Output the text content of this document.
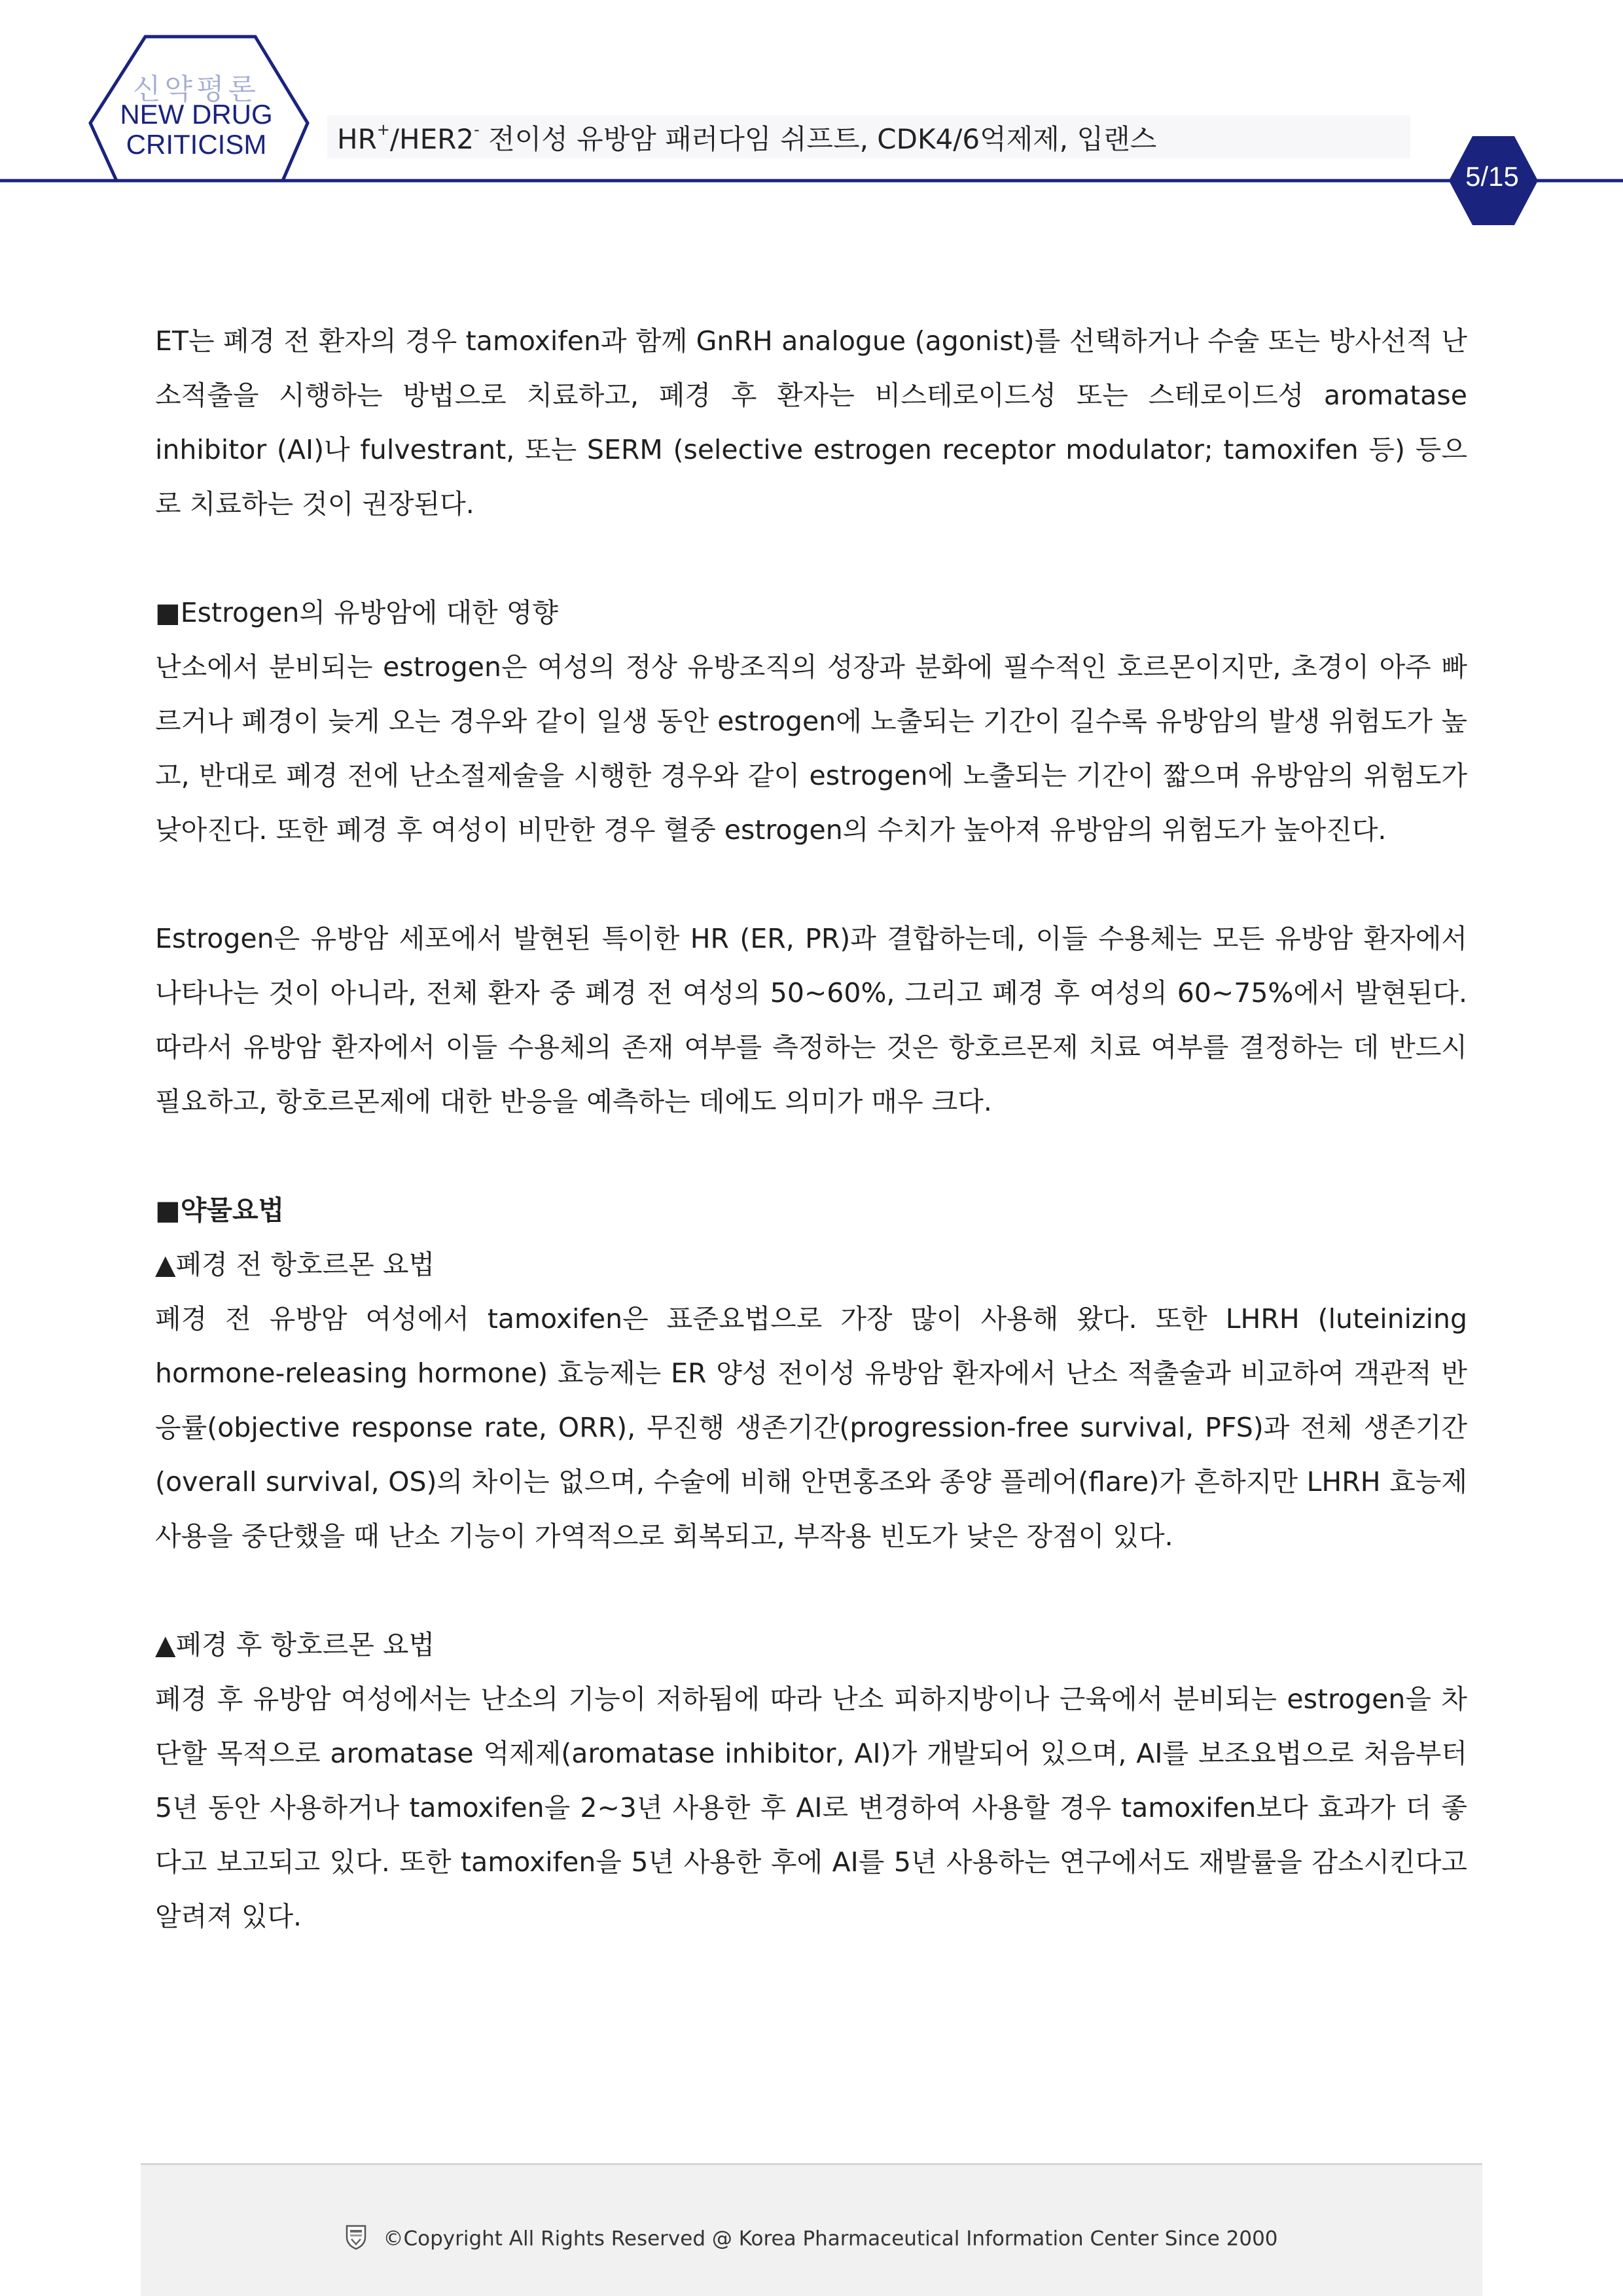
신약평론
NEW DRUG
CRITICISM	HR+/HER2- 전이성 유방암 패러다임 쉬프트, CDK4/6억제제, 입랜스
5/15

ET는 폐경 전 환자의 경우 tamoxifen과 함께 GnRH analogue (agonist)를 선택하거나 수술 또는 방사선적 난소적출을 시행하는 방법으로 치료하고, 폐경 후 환자는 비스테로이드성 또는 스테로이드성 aromatase inhibitor (AI)나 fulvestrant, 또는 SERM (selective estrogen receptor modulator; tamoxifen 등) 등으로 치료하는 것이 권장된다.

■Estrogen의 유방암에 대한 영향

난소에서 분비되는 estrogen은 여성의 정상 유방조직의 성장과 분화에 필수적인 호르몬이지만, 초경이 아주 빠르거나 폐경이 늦게 오는 경우와 같이 일생 동안 estrogen에 노출되는 기간이 길수록 유방암의 발생 위험도가 높고, 반대로 폐경 전에 난소절제술을 시행한 경우와 같이 estrogen에 노출되는 기간이 짧으며 유방암의 위험도가 낮아진다. 또한 폐경 후 여성이 비만한 경우 혈중 estrogen의 수치가 높아져 유방암의 위험도가 높아진다.

Estrogen은 유방암 세포에서 발현된 특이한 HR (ER, PR)과 결합하는데, 이들 수용체는 모든 유방암 환자에서 나타나는 것이 아니라, 전체 환자 중 폐경 전 여성의 50~60%, 그리고 폐경 후 여성의 60~75%에서 발현된다. 따라서 유방암 환자에서 이들 수용체의 존재 여부를 측정하는 것은 항호르몬제 치료 여부를 결정하는 데 반드시 필요하고, 항호르몬제에 대한 반응을 예측하는 데에도 의미가 매우 크다.

■약물요법

▲폐경 전 항호르몬 요법

폐경 전 유방암 여성에서 tamoxifen은 표준요법으로 가장 많이 사용해 왔다. 또한 LHRH (luteinizing hormone-releasing hormone) 효능제는 ER 양성 전이성 유방암 환자에서 난소 적출술과 비교하여 객관적 반응률(objective response rate, ORR), 무진행 생존기간(progression-free survival, PFS)과 전체 생존기간 (overall survival, OS)의 차이는 없으며, 수술에 비해 안면홍조와 종양 플레어(flare)가 흔하지만 LHRH 효능제 사용을 중단했을 때 난소 기능이 가역적으로 회복되고, 부작용 빈도가 낮은 장점이 있다.

▲폐경 후 항호르몬 요법

폐경 후 유방암 여성에서는 난소의 기능이 저하됨에 따라 난소 피하지방이나 근육에서 분비되는 estrogen을 차단할 목적으로 aromatase 억제제(aromatase inhibitor, AI)가 개발되어 있으며, AI를 보조요법으로 처음부터 5년 동안 사용하거나 tamoxifen을 2~3년 사용한 후 AI로 변경하여 사용할 경우 tamoxifen보다 효과가 더 좋다고 보고되고 있다. 또한 tamoxifen을 5년 사용한 후에 AI를 5년 사용하는 연구에서도 재발률을 감소시킨다고 알려져 있다.

©Copyright All Rights Reserved @ Korea Pharmaceutical Information Center Since 2000
